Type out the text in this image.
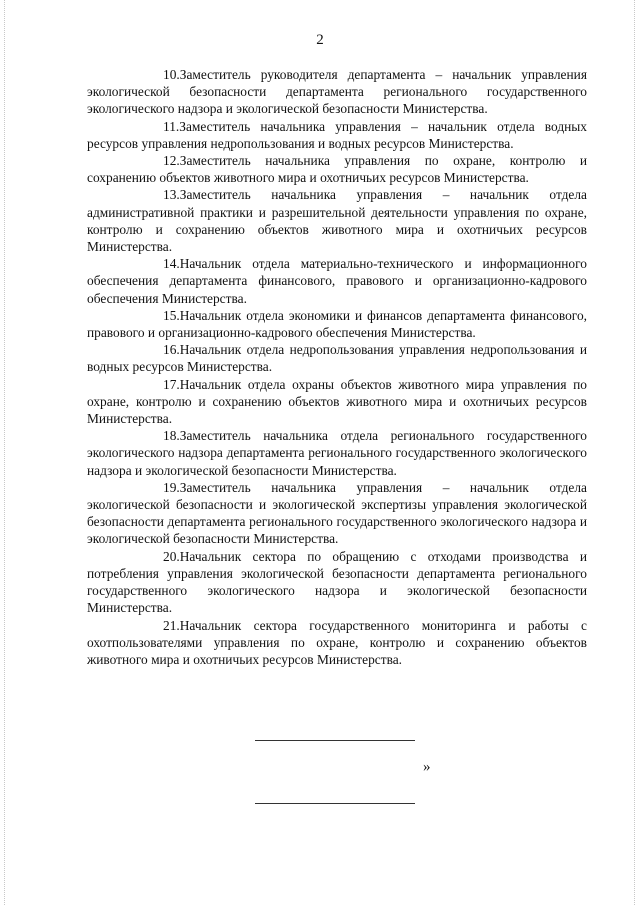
2

10.Заместитель руководителя департамента – начальник управления экологической безопасности департамента регионального государственного экологического надзора и экологической безопасности Министерства.

11.Заместитель начальника управления – начальник отдела водных ресурсов управления недропользования и водных ресурсов Министерства.

12.Заместитель начальника управления по охране, контролю и сохранению объектов животного мира и охотничьих ресурсов Министерства.

13.Заместитель начальника управления – начальник отдела административной практики и разрешительной деятельности управления по охране, контролю и сохранению объектов животного мира и охотничьих ресурсов Министерства.

14.Начальник отдела материально-технического и информационного обеспечения департамента финансового, правового и организационно-кадрового обеспечения Министерства.

15.Начальник отдела экономики и финансов департамента финансового, правового и организационно-кадрового обеспечения Министерства.

16.Начальник отдела недропользования управления недропользования и водных ресурсов Министерства.

17.Начальник отдела охраны объектов животного мира управления по охране, контролю и сохранению объектов животного мира и охотничьих ресурсов Министерства.

18.Заместитель начальника отдела регионального государственного экологического надзора департамента регионального государственного экологического надзора и экологической безопасности Министерства.

19.Заместитель начальника управления – начальник отдела экологической безопасности и экологической экспертизы управления экологической безопасности департамента регионального государственного экологического надзора и экологической безопасности Министерства.

20.Начальник сектора по обращению с отходами производства и потребления управления экологической безопасности департамента регионального государственного экологического надзора и экологической безопасности Министерства.

21.Начальник сектора государственного мониторинга и работы с охотпользователями управления по охране, контролю и сохранению объектов животного мира и охотничьих ресурсов Министерства.

»
